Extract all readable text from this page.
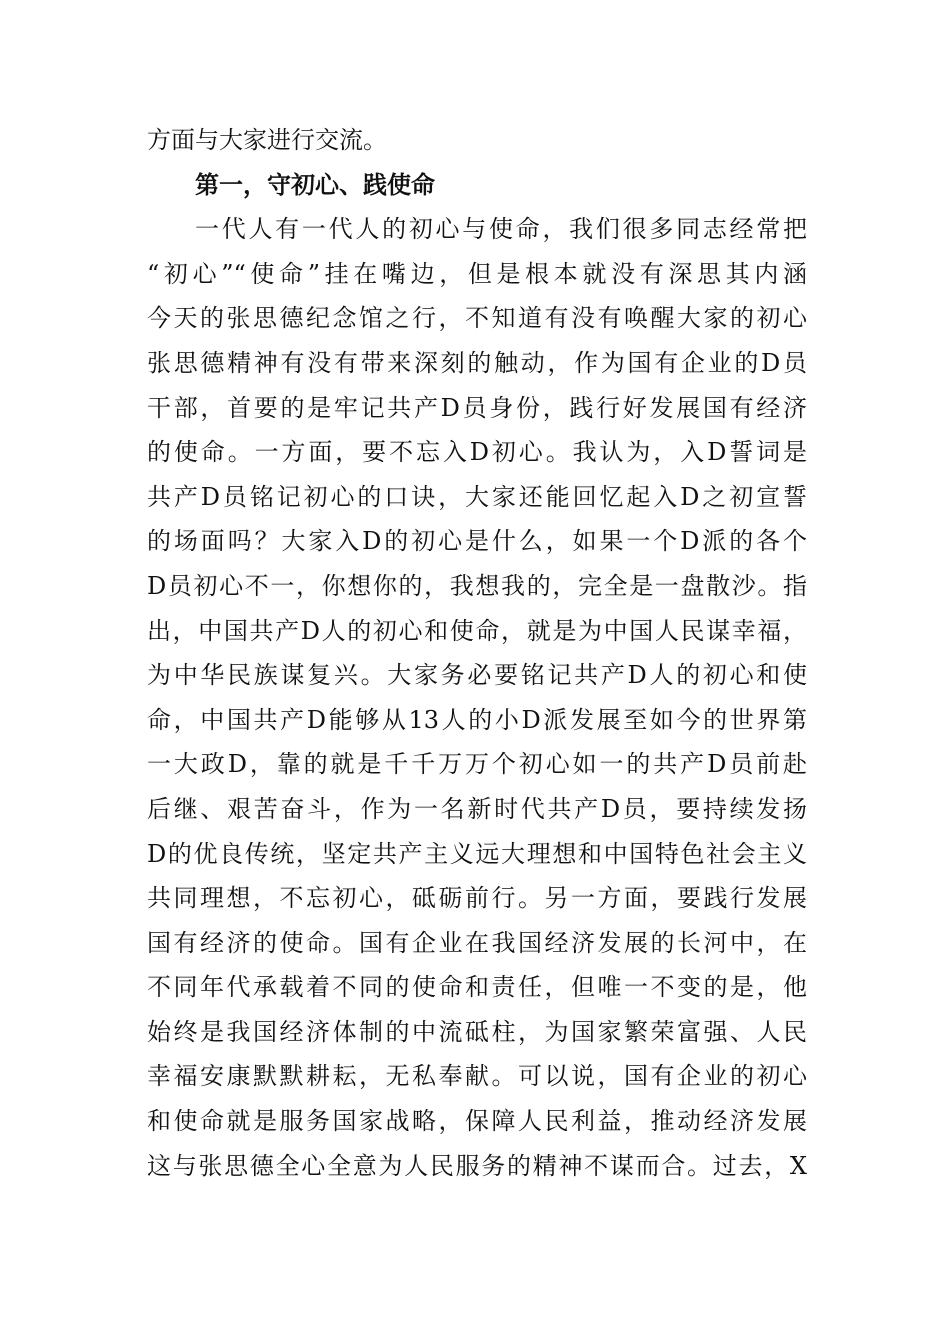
方面与大家进行交流。
第一，守初心、践使命
一代人有一代人的初心与使命，我们很多同志经常把
“初心”“使命”挂在嘴边，但是根本就没有深思其内涵
今天的张思德纪念馆之行，不知道有没有唤醒大家的初心
张思德精神有没有带来深刻的触动，作为国有企业的D员
干部，首要的是牢记共产D员身份，践行好发展国有经济
的使命。一方面，要不忘入D初心。我认为，入D誓词是
共产D员铭记初心的口诀，大家还能回忆起入D之初宣誓
的场面吗？大家入D的初心是什么，如果一个D派的各个
D员初心不一，你想你的，我想我的，完全是一盘散沙。指
出，中国共产D人的初心和使命，就是为中国人民谋幸福，
为中华民族谋复兴。大家务必要铭记共产D人的初心和使
命，中国共产D能够从13人的小D派发展至如今的世界第
一大政D，靠的就是千千万万个初心如一的共产D员前赴
后继、艰苦奋斗，作为一名新时代共产D员，要持续发扬
D的优良传统，坚定共产主义远大理想和中国特色社会主义
共同理想，不忘初心，砥砺前行。另一方面，要践行发展
国有经济的使命。国有企业在我国经济发展的长河中，在
不同年代承载着不同的使命和责任，但唯一不变的是，他
始终是我国经济体制的中流砥柱，为国家繁荣富强、人民
幸福安康默默耕耘，无私奉献。可以说，国有企业的初心
和使命就是服务国家战略，保障人民利益，推动经济发展
这与张思德全心全意为人民服务的精神不谋而合。过去，X
